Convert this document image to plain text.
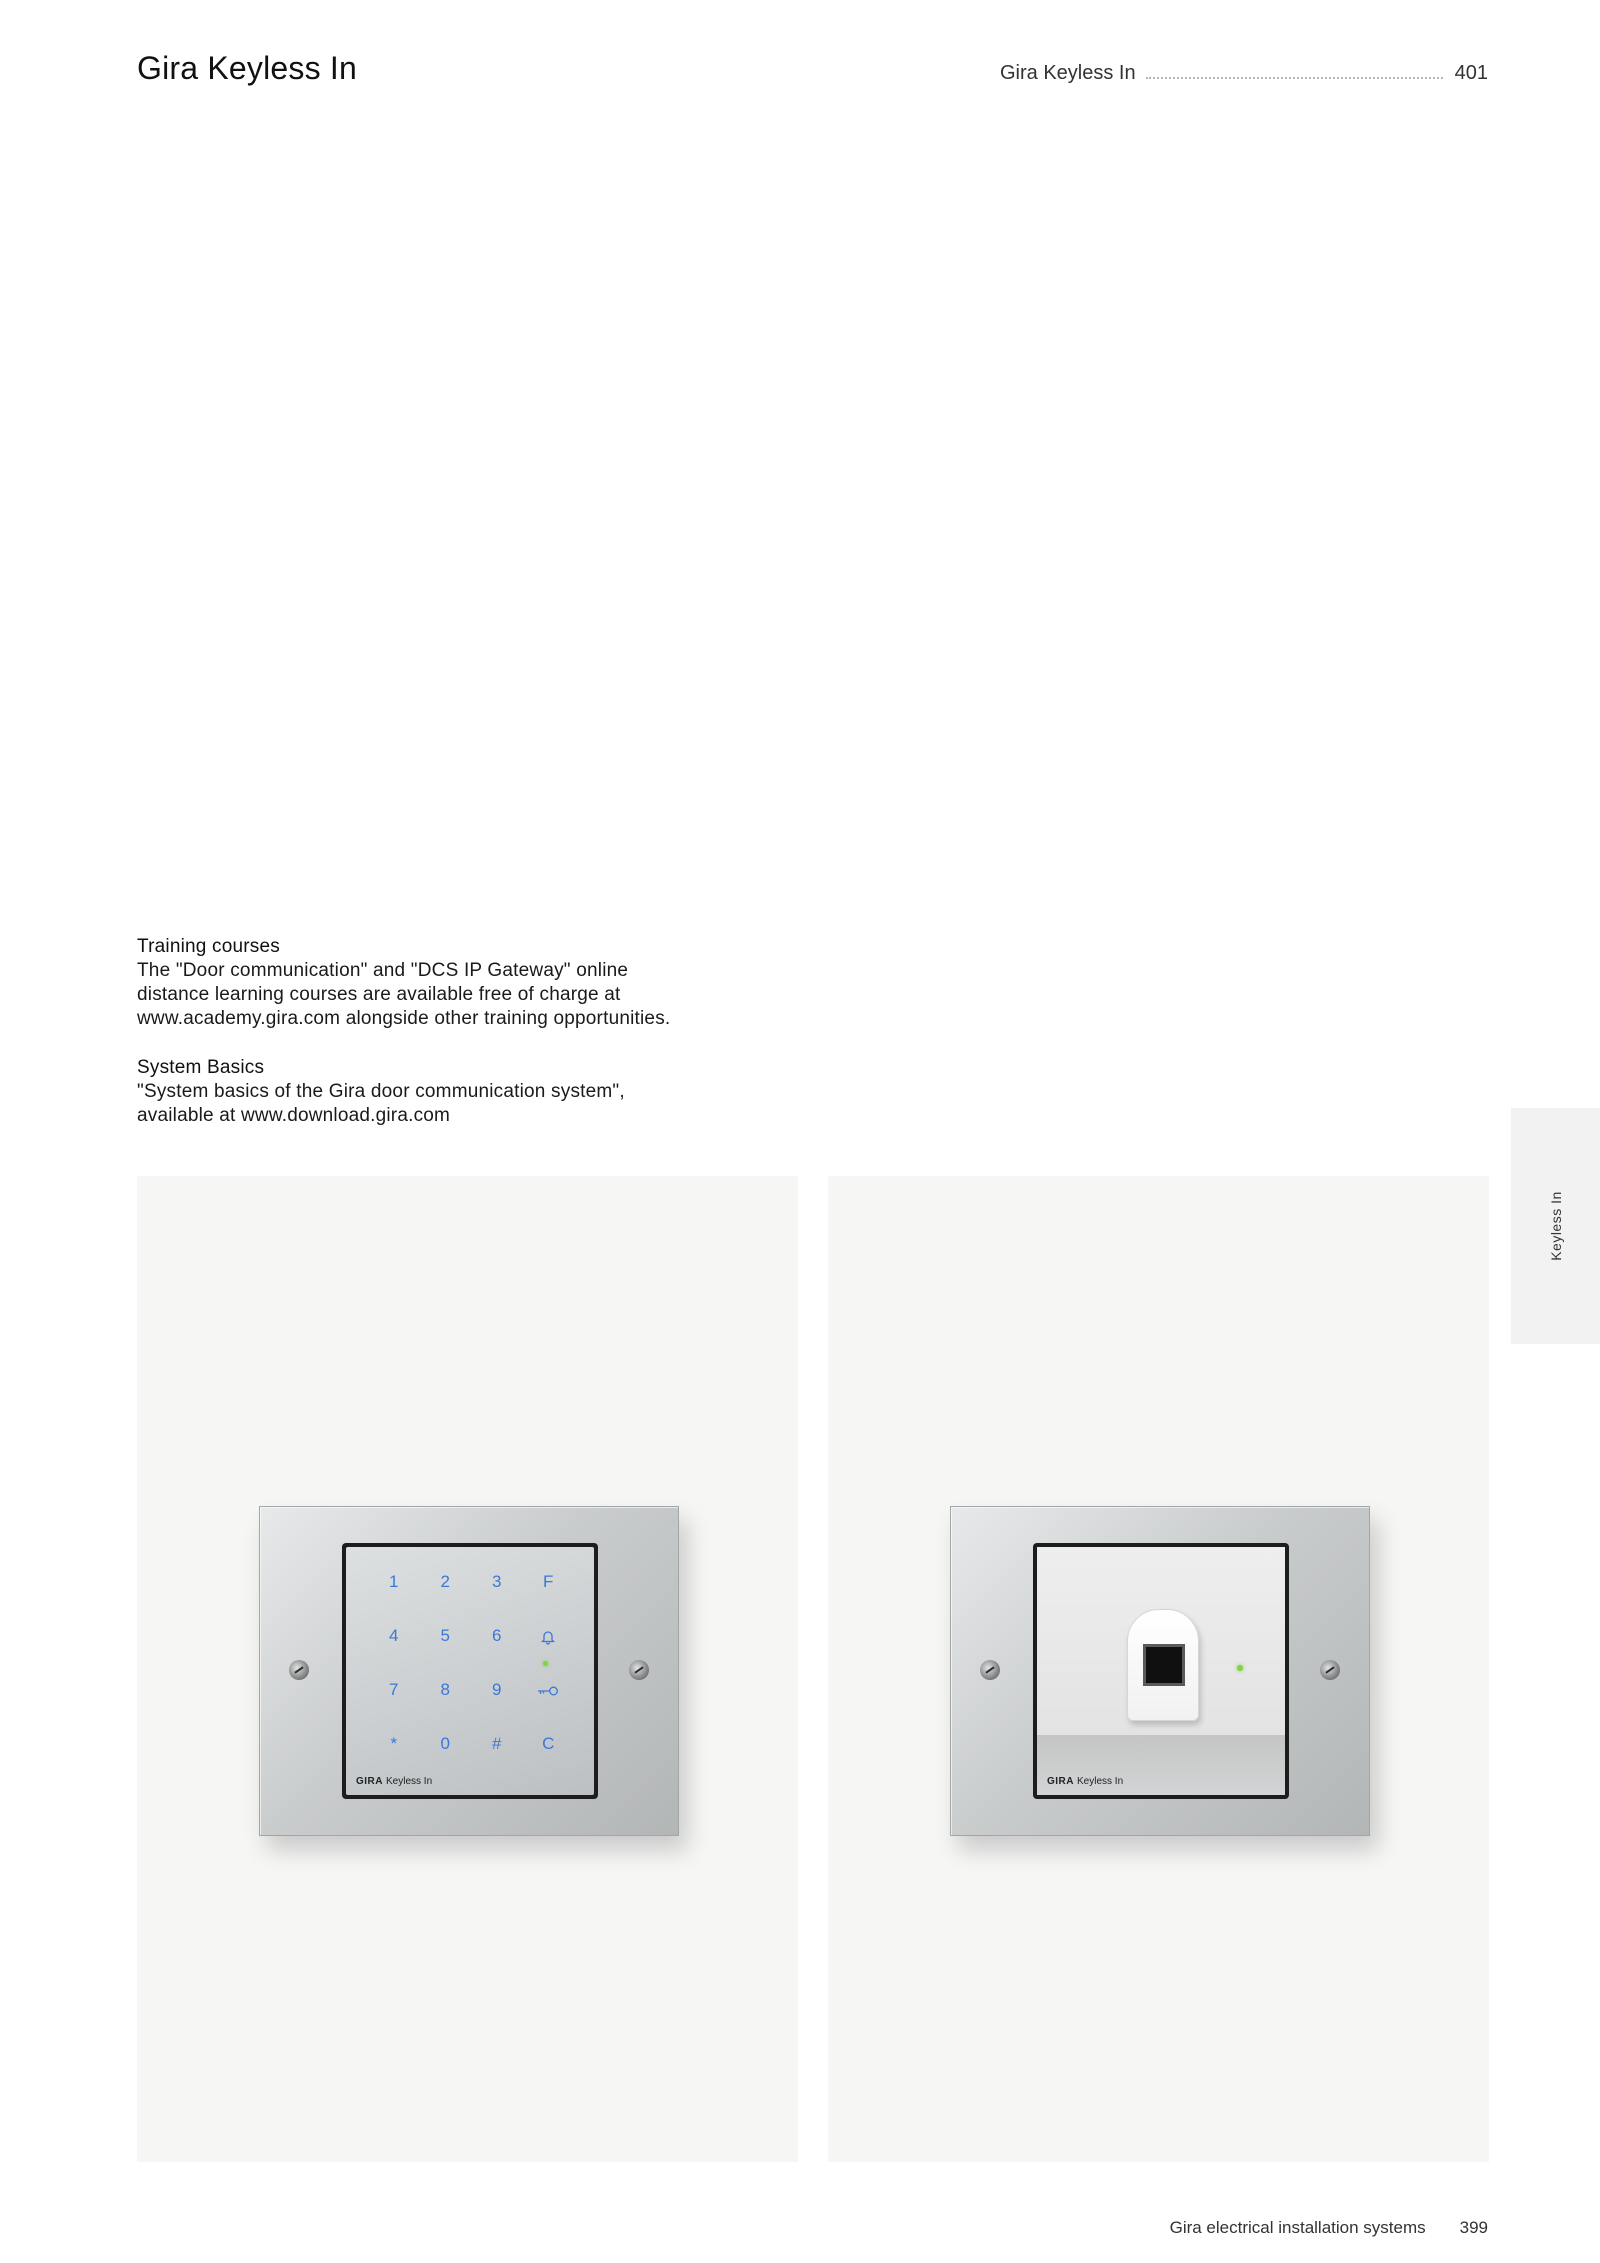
Gira Keyless In	Gira Keyless In	401
Training courses

The "Door communication" and "DCS IP Gateway" online
distance learning courses are available free of charge at
www.academy.gira.com alongside other training opportunities.

System Basics

"System basics of the Gira door communication system",
available at www.download.gira.com

Keyless In
1	2	3	F
4	5	6
7	8	9
*	0	#	C
GIRA Keyless In	GIRA Keyless In
Gira electrical installation systems 399
